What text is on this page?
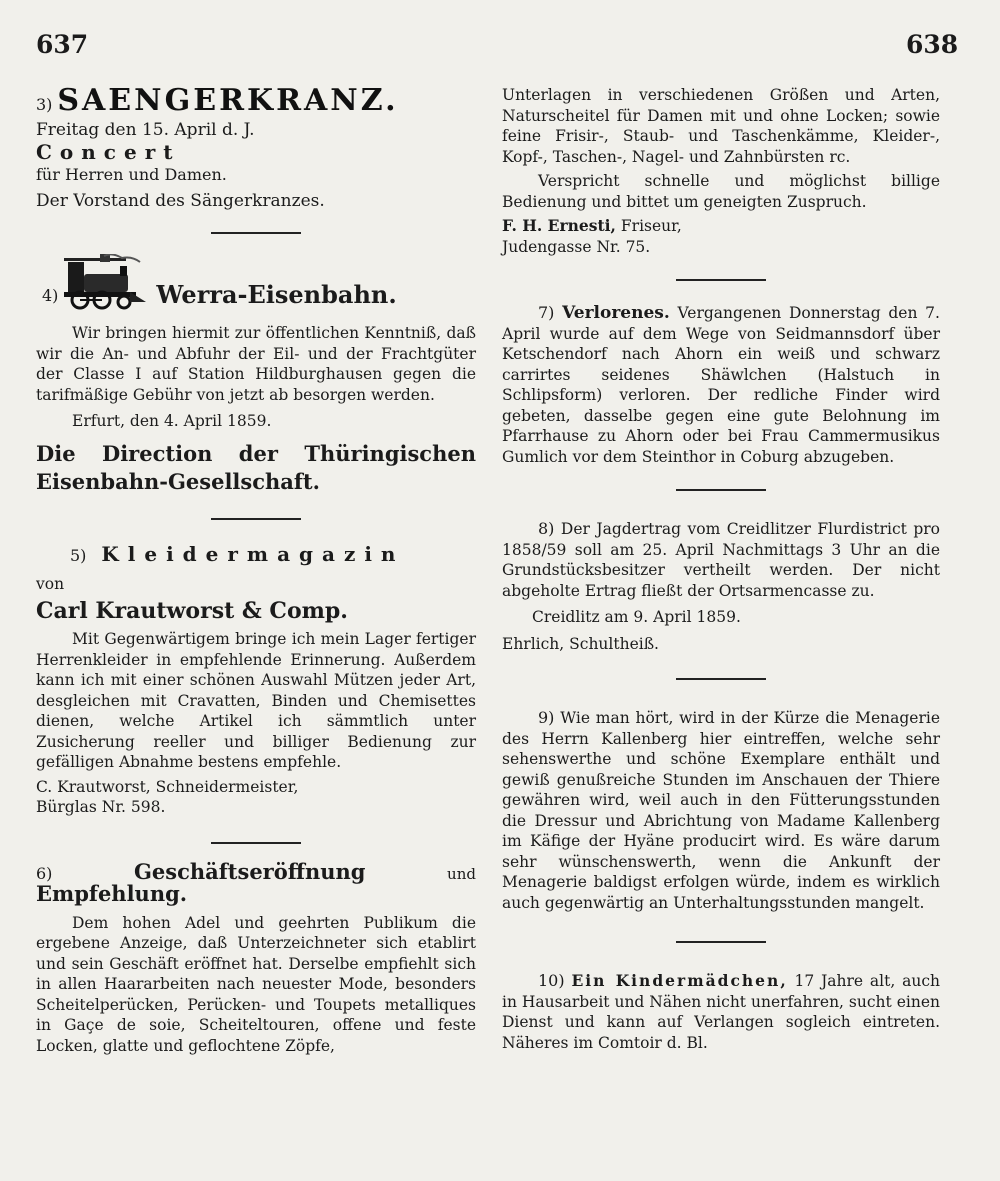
637	638

3) SAENGERKRANZ.

Freitag den 15. April d. J.

Concert

für Herren und Damen.

Der Vorstand des Sängerkranzes.

4)	Werra-Eisenbahn.

Wir bringen hiermit zur öffentlichen Kenntniß, daß wir die An- und Abfuhr der Eil- und der Frachtgüter der Classe I auf Station Hildburghausen gegen die tarifmäßige Gebühr von jetzt ab besorgen werden.

Erfurt, den 4. April 1859.

Die Direction der Thüringischen Eisenbahn-Gesellschaft.

5) Kleidermagazin

von

Carl Krautworst & Comp.

Mit Gegenwärtigem bringe ich mein Lager fertiger Herrenkleider in empfehlende Erinnerung. Außerdem kann ich mit einer schönen Auswahl Mützen jeder Art, desgleichen mit Cravatten, Binden und Chemisettes dienen, welche Artikel ich sämmtlich unter Zusicherung reeller und billiger Bedienung zur gefälligen Abnahme bestens empfehle.

C. Krautworst, Schneidermeister,

Bürglas Nr. 598.

6)	Geschäftseröffnung	und Empfehlung.

Dem hohen Adel und geehrten Publikum die ergebene Anzeige, daß Unterzeichneter sich etablirt und sein Geschäft eröffnet hat. Derselbe empfiehlt sich in allen Haararbeiten nach neuester Mode, besonders Scheitelperücken, Perücken- und Toupets metalliques in Gaçe de soie, Scheiteltouren, offene und feste Locken, glatte und geflochtene Zöpfe,

Unterlagen in verschiedenen Größen und Arten, Naturscheitel für Damen mit und ohne Locken; sowie feine Frisir-, Staub- und Taschenkämme, Kleider-, Kopf-, Taschen-, Nagel- und Zahnbürsten rc.

Verspricht schnelle und möglichst billige Bedienung und bittet um geneigten Zuspruch.

F. H. Ernesti, Friseur,

Judengasse Nr. 75.

7) Verlorenes. Vergangenen Donnerstag den 7. April wurde auf dem Wege von Seidmannsdorf über Ketschendorf nach Ahorn ein weiß und schwarz carrirtes seidenes Shäwlchen (Halstuch in Schlipsform) verloren. Der redliche Finder wird gebeten, dasselbe gegen eine gute Belohnung im Pfarrhause zu Ahorn oder bei Frau Cammermusikus Gumlich vor dem Steinthor in Coburg abzugeben.

8) Der Jagdertrag vom Creidlitzer Flurdistrict pro 1858/59 soll am 25. April Nachmittags 3 Uhr an die Grundstücksbesitzer vertheilt werden. Der nicht abgeholte Ertrag fließt der Ortsarmencasse zu.

Creidlitz am 9. April 1859.

Ehrlich, Schultheiß.

9) Wie man hört, wird in der Kürze die Menagerie des Herrn Kallenberg hier eintreffen, welche sehr sehenswerthe und schöne Exemplare enthält und gewiß genußreiche Stunden im Anschauen der Thiere gewähren wird, weil auch in den Fütterungsstunden die Dressur und Abrichtung von Madame Kallenberg im Käfige der Hyäne producirt wird. Es wäre darum sehr wünschenswerth, wenn die Ankunft der Menagerie baldigst erfolgen würde, indem es wirklich auch gegenwärtig an Unterhaltungsstunden mangelt.

10) Ein Kindermädchen, 17 Jahre alt, auch in Hausarbeit und Nähen nicht unerfahren, sucht einen Dienst und kann auf Verlangen sogleich eintreten. Näheres im Comtoir d. Bl.
